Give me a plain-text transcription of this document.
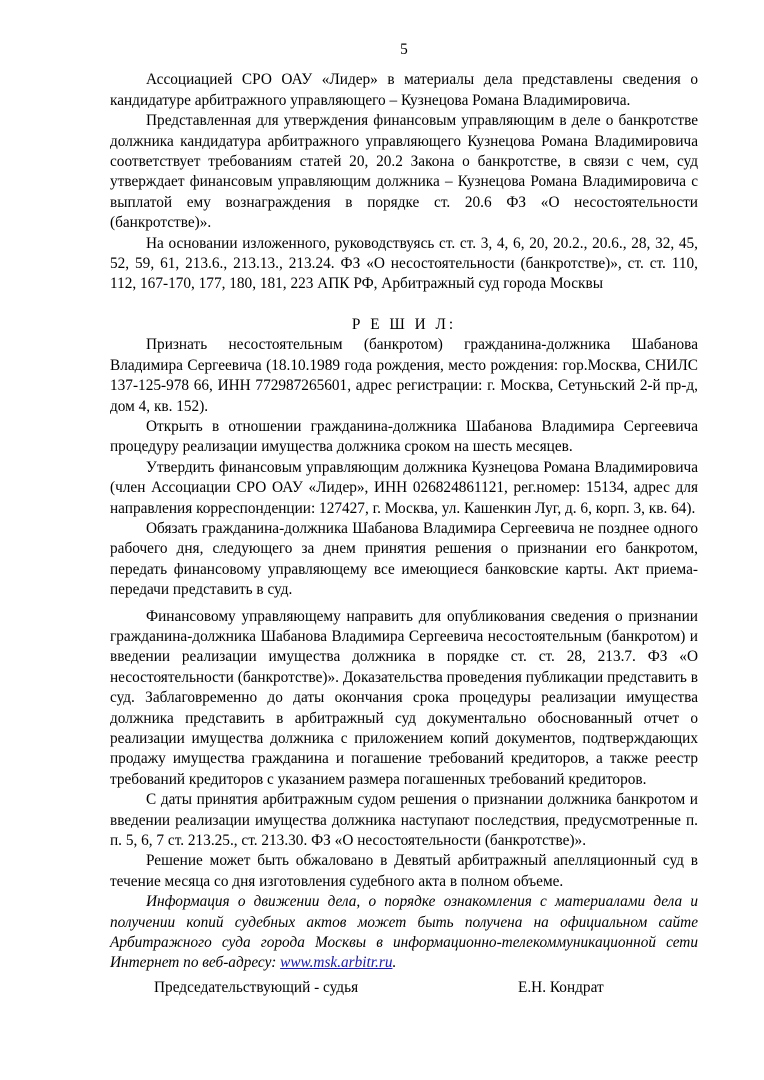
5

Ассоциацией СРО ОАУ «Лидер» в материалы дела представлены сведения о кандидатуре арбитражного управляющего – Кузнецова Романа Владимировича.

Представленная для утверждения финансовым управляющим в деле о банкротстве должника кандидатура арбитражного управляющего Кузнецова Романа Владимировича соответствует требованиям статей 20, 20.2 Закона о банкротстве, в связи с чем, суд утверждает финансовым управляющим должника – Кузнецова Романа Владимировича с выплатой ему вознаграждения в порядке ст. 20.6 ФЗ «О несостоятельности (банкротстве)».

На основании изложенного, руководствуясь ст. ст. 3, 4, 6, 20, 20.2., 20.6., 28, 32, 45, 52, 59, 61, 213.6., 213.13., 213.24. ФЗ «О несостоятельности (банкротстве)», ст. ст. 110, 112, 167-170, 177, 180, 181, 223 АПК РФ, Арбитражный суд города Москвы

Р Е Ш И Л:

Признать несостоятельным (банкротом) гражданина-должника Шабанова Владимира Сергеевича (18.10.1989 года рождения, место рождения: гор.Москва, СНИЛС 137-125-978 66, ИНН 772987265601, адрес регистрации: г. Москва, Сетуньский 2-й пр-д, дом 4, кв. 152).

Открыть в отношении гражданина-должника Шабанова Владимира Сергеевича процедуру реализации имущества должника сроком на шесть месяцев.

Утвердить финансовым управляющим должника Кузнецова Романа Владимировича (член Ассоциации СРО ОАУ «Лидер», ИНН 026824861121, рег.номер: 15134, адрес для направления корреспонденции: 127427, г. Москва, ул. Кашенкин Луг, д. 6, корп. 3, кв. 64).

Обязать гражданина-должника Шабанова Владимира Сергеевича не позднее одного рабочего дня, следующего за днем принятия решения о признании его банкротом, передать финансовому управляющему все имеющиеся банковские карты. Акт приема-передачи представить в суд.

Финансовому управляющему направить для опубликования сведения о признании гражданина-должника Шабанова Владимира Сергеевича несостоятельным (банкротом) и введении реализации имущества должника в порядке ст. ст. 28, 213.7. ФЗ «О несостоятельности (банкротстве)». Доказательства проведения публикации представить в суд. Заблаговременно до даты окончания срока процедуры реализации имущества должника представить в арбитражный суд документально обоснованный отчет о реализации имущества должника с приложением копий документов, подтверждающих продажу имущества гражданина и погашение требований кредиторов, а также реестр требований кредиторов с указанием размера погашенных требований кредиторов.

С даты принятия арбитражным судом решения о признании должника банкротом и введении реализации имущества должника наступают последствия, предусмотренные п. п. 5, 6, 7 ст. 213.25., ст. 213.30. ФЗ «О несостоятельности (банкротстве)».

Решение может быть обжаловано в Девятый арбитражный апелляционный суд в течение месяца со дня изготовления судебного акта в полном объеме.

Информация о движении дела, о порядке ознакомления с материалами дела и получении копий судебных актов может быть получена на официальном сайте Арбитражного суда города Москвы в информационно-телекоммуникационной сети Интернет по веб-адресу: www.msk.arbitr.ru.

Председательствующий - судья	Е.Н. Кондрат
